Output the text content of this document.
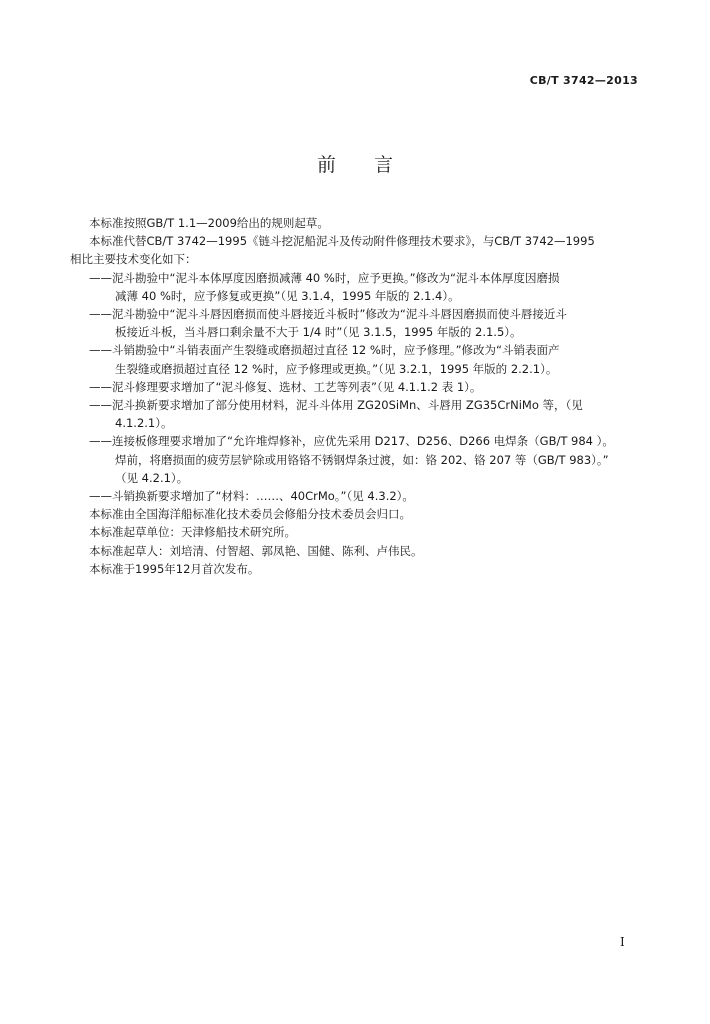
CB/T 3742—2013
前言

本标准按照GB/T 1.1—2009给出的规则起草。

本标准代替CB/T 3742—1995《链斗挖泥船泥斗及传动附件修理技术要求》，与CB/T 3742—1995

相比主要技术变化如下：

——泥斗勘验中“泥斗本体厚度因磨损减薄 40 %时，应予更换。”修改为“泥斗本体厚度因磨损

减薄 40 %时，应予修复或更换”（见 3.1.4，1995 年版的 2.1.4）。

——泥斗勘验中“泥斗斗唇因磨损而使斗唇接近斗板时”修改为“泥斗斗唇因磨损而使斗唇接近斗

板接近斗板，当斗唇口剩余量不大于 1/4 时”（见 3.1.5，1995 年版的 2.1.5）。

——斗销勘验中“斗销表面产生裂缝或磨损超过直径 12 %时，应予修理。”修改为“斗销表面产

生裂缝或磨损超过直径 12 %时，应予修理或更换。”（见 3.2.1，1995 年版的 2.2.1）。

——泥斗修理要求增加了“泥斗修复、选材、工艺等列表”（见 4.1.1.2 表 1）。

——泥斗换新要求增加了部分使用材料，泥斗斗体用 ZG20SiMn、斗唇用 ZG35CrNiMo 等，（见

4.1.2.1）。

——连接板修理要求增加了“允许堆焊修补，应优先采用 D217、D256、D266 电焊条（GB/T 984 ）。

焊前，将磨损面的疲劳层铲除或用铬铬不锈钢焊条过渡，如：铬 202、铬 207 等（GB/T 983）。”

（见 4.2.1）。

——斗销换新要求增加了“材料：……、40CrMo。”（见 4.3.2）。

本标准由全国海洋船标准化技术委员会修船分技术委员会归口。

本标准起草单位：天津修船技术研究所。

本标准起草人：刘培清、付智超、郭凤艳、国健、陈利、卢伟民。

本标准于1995年12月首次发布。

I
